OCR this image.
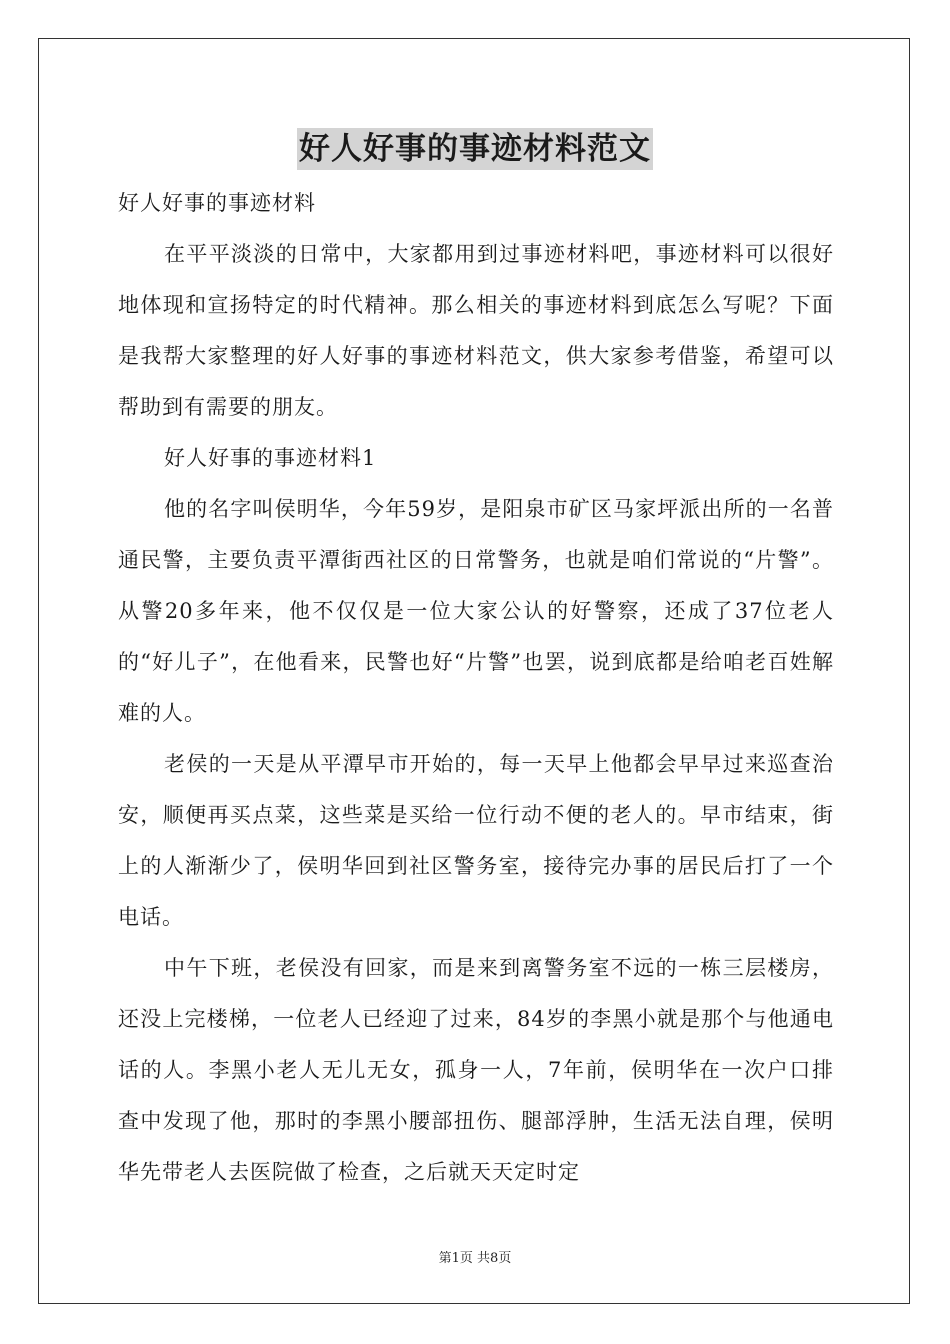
好人好事的事迹材料范文

好人好事的事迹材料

在平平淡淡的日常中，大家都用到过事迹材料吧，事迹材料可以很好地体现和宣扬特定的时代精神。那么相关的事迹材料到底怎么写呢？下面是我帮大家整理的好人好事的事迹材料范文，供大家参考借鉴，希望可以帮助到有需要的朋友。

好人好事的事迹材料1

他的名字叫侯明华，今年59岁，是阳泉市矿区马家坪派出所的一名普通民警，主要负责平潭街西社区的日常警务，也就是咱们常说的“片警”。从警20多年来，他不仅仅是一位大家公认的好警察，还成了37位老人的“好儿子”，在他看来，民警也好“片警”也罢，说到底都是给咱老百姓解难的人。

老侯的一天是从平潭早市开始的，每一天早上他都会早早过来巡查治安，顺便再买点菜，这些菜是买给一位行动不便的老人的。早市结束，街上的人渐渐少了，侯明华回到社区警务室，接待完办事的居民后打了一个电话。

中午下班，老侯没有回家，而是来到离警务室不远的一栋三层楼房，还没上完楼梯，一位老人已经迎了过来，84岁的李黑小就是那个与他通电话的人。李黑小老人无儿无女，孤身一人，7年前，侯明华在一次户口排查中发现了他，那时的李黑小腰部扭伤、腿部浮肿，生活无法自理，侯明华先带老人去医院做了检查，之后就天天定时定

第1页 共8页
